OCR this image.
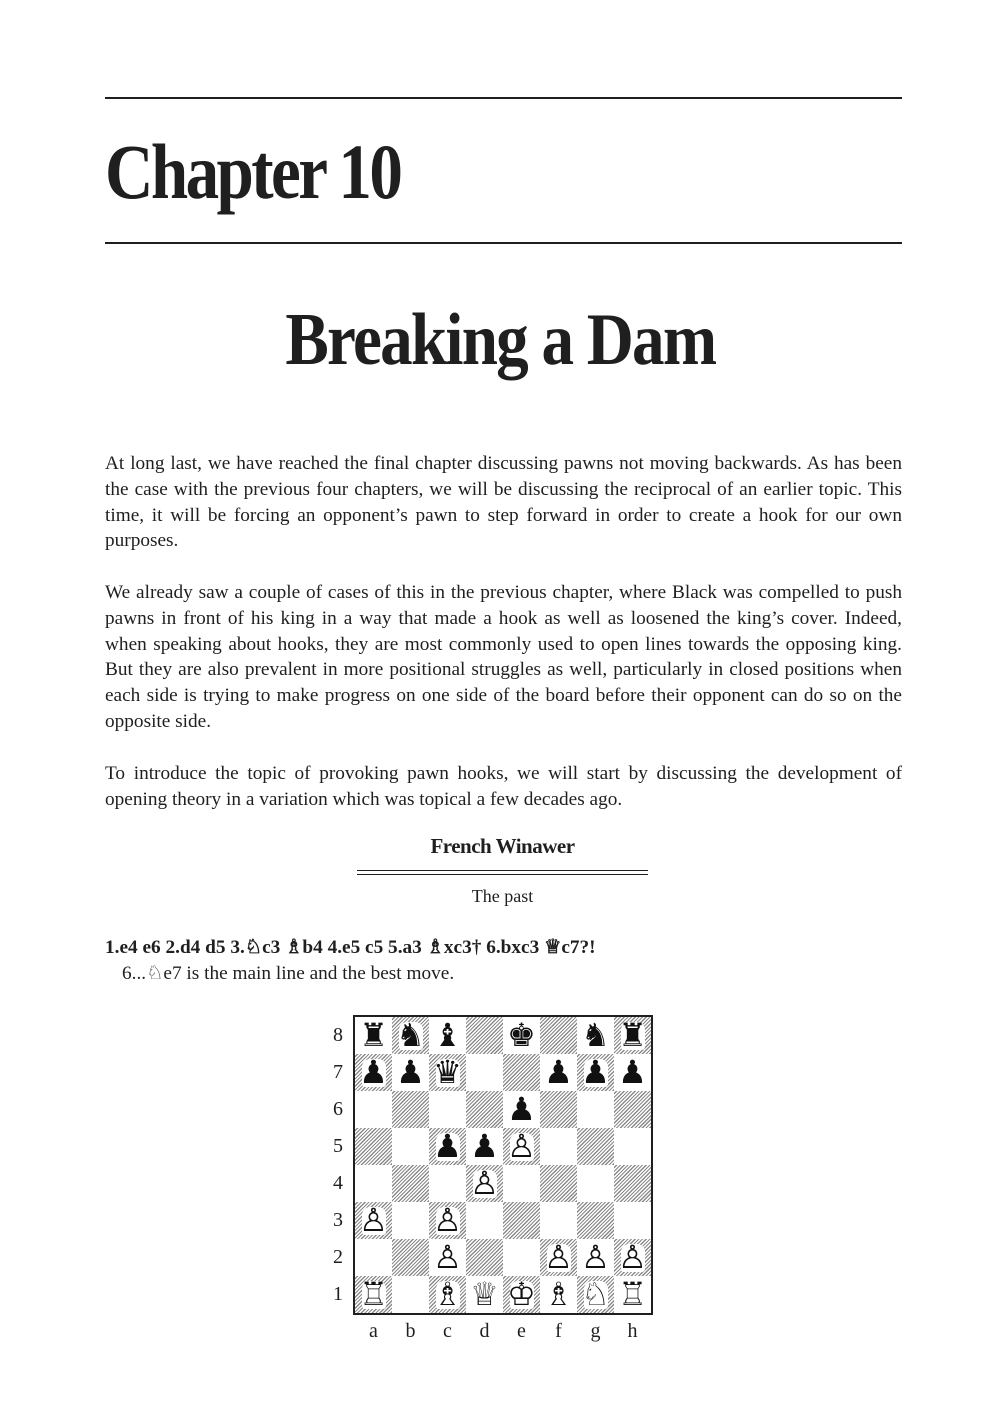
Chapter 10
Breaking a Dam

At long last, we have reached the final chapter discussing pawns not moving backwards. As has been the case with the previous four chapters, we will be discussing the reciprocal of an earlier topic. This time, it will be forcing an opponent’s pawn to step forward in order to create a hook for our own purposes.

We already saw a couple of cases of this in the previous chapter, where Black was compelled to push pawns in front of his king in a way that made a hook as well as loosened the king’s cover. Indeed, when speaking about hooks, they are most commonly used to open lines towards the opposing king. But they are also prevalent in more positional struggles as well, particularly in closed positions when each side is trying to make progress on one side of the board before their opponent can do so on the opposite side.

To introduce the topic of provoking pawn hooks, we will start by discussing the development of opening theory in a variation which was topical a few decades ago.

French Winawer
The past

1.e4 e6 2.d4 d5 3.♘c3 ♗b4 4.e5 c5 5.a3 ♗xc3† 6.bxc3 ♕c7?!

6...♘e7 is the main line and the best move.

8
7
6
5
4
3
2
1
♜ ♞ ♝ ♚ ♞ ♜
♟ ♟ ♛	♟ ♟ ♟
♟
♟ ♟ ♙
♙
♙ ♙
♙	♙ ♙ ♙
♖ ♗ ♕ ♔ ♗ ♘ ♖
a	b	c	d	e	f	g	h
